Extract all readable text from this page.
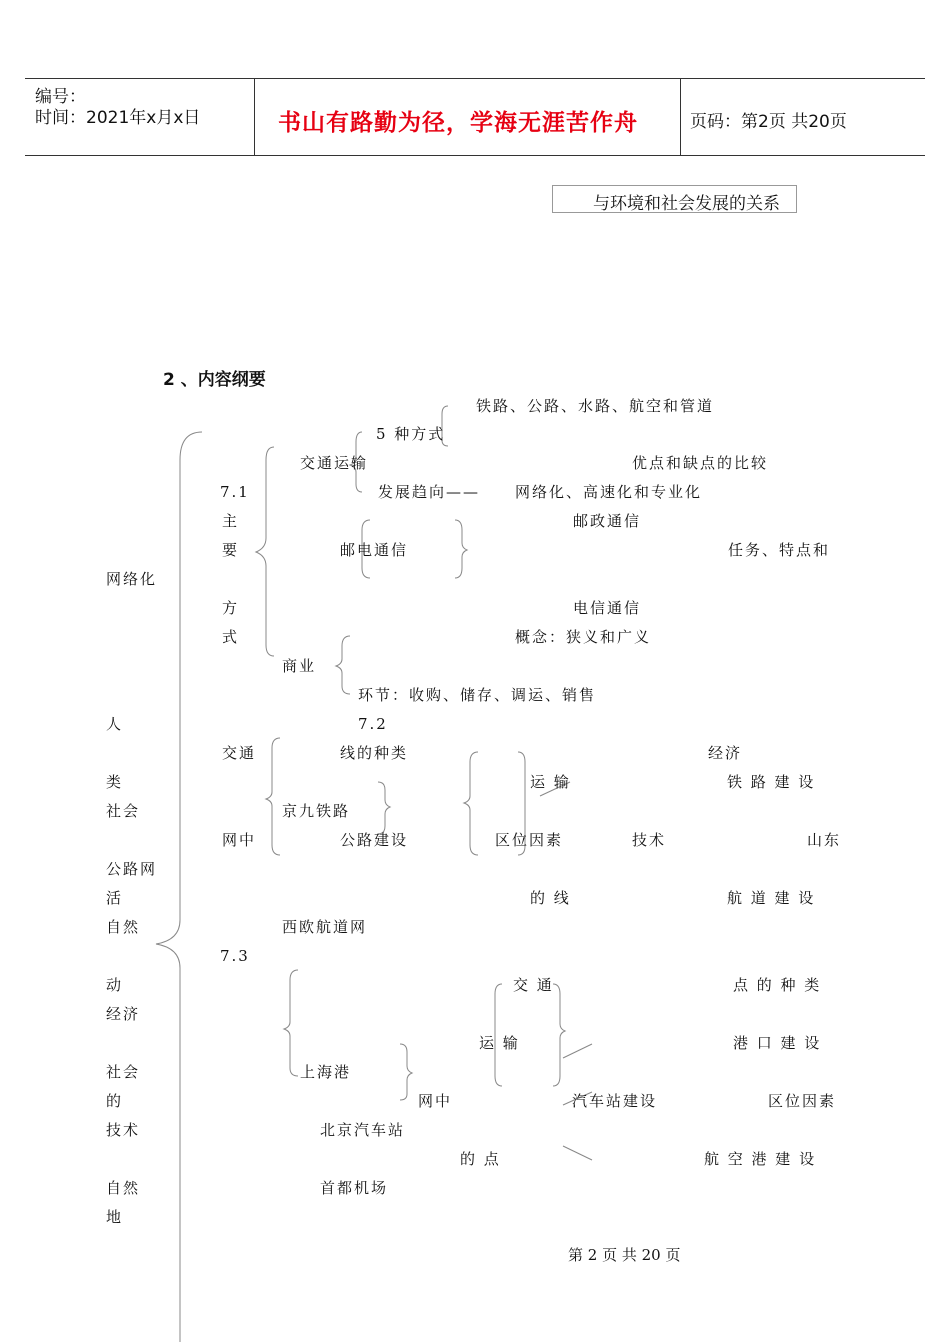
编号：
时间：2021年x月x日	书山有路勤为径，学海无涯苦作舟	页码：第2页 共20页
与环境和社会发展的关系
2 、内容纲要
铁路、公路、水路、航空和管道
5 种方式
交通运输	优点和缺点的比较
7.1	发展趋向—— 网络化、高速化和专业化
主	邮政通信
要	邮电通信	任务、特点和
网络化
方	电信通信
式	概念：狭义和广义
商业
环节：收购、储存、调运、销售
人	7.2
交通	线的种类	经济
运 输	铁 路 建 设
类
社会	京九铁路
网中	公路建设	区位因素	技术	山东
公路网
活	的 线	航 道 建 设
自然	西欧航道网
7.3
动	交 通	点 的 种 类
经济
运 输	港 口 建 设
社会	上海港
的	网中	汽车站建设	区位因素
技术	北京汽车站
的 点	航 空 港 建 设
自然	首都机场
地
第 2 页 共 20 页
